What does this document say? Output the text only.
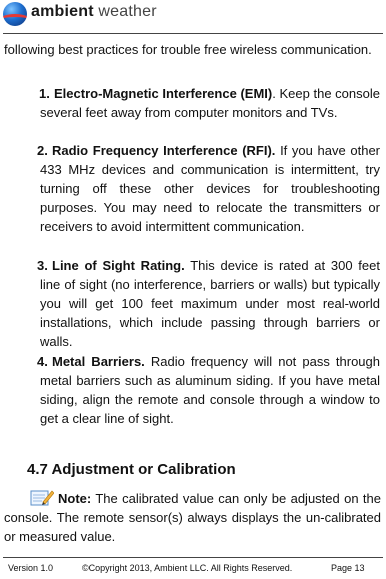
ambient weather
following best practices for trouble free wireless communication.
1. Electro-Magnetic Interference (EMI). Keep the console several feet away from computer monitors and TVs.
2. Radio Frequency Interference (RFI). If you have other 433 MHz devices and communication is intermittent, try turning off these other devices for troubleshooting purposes. You may need to relocate the transmitters or receivers to avoid intermittent communication.
3. Line of Sight Rating. This device is rated at 300 feet line of sight (no interference, barriers or walls) but typically you will get 100 feet maximum under most real-world installations, which include passing through barriers or walls.
4. Metal Barriers. Radio frequency will not pass through metal barriers such as aluminum siding. If you have metal siding, align the remote and console through a window to get a clear line of sight.
4.7 Adjustment or Calibration
Note: The calibrated value can only be adjusted on the console. The remote sensor(s) always displays the un-calibrated or measured value.
Version 1.0	©Copyright 2013, Ambient LLC. All Rights Reserved.	Page 13
